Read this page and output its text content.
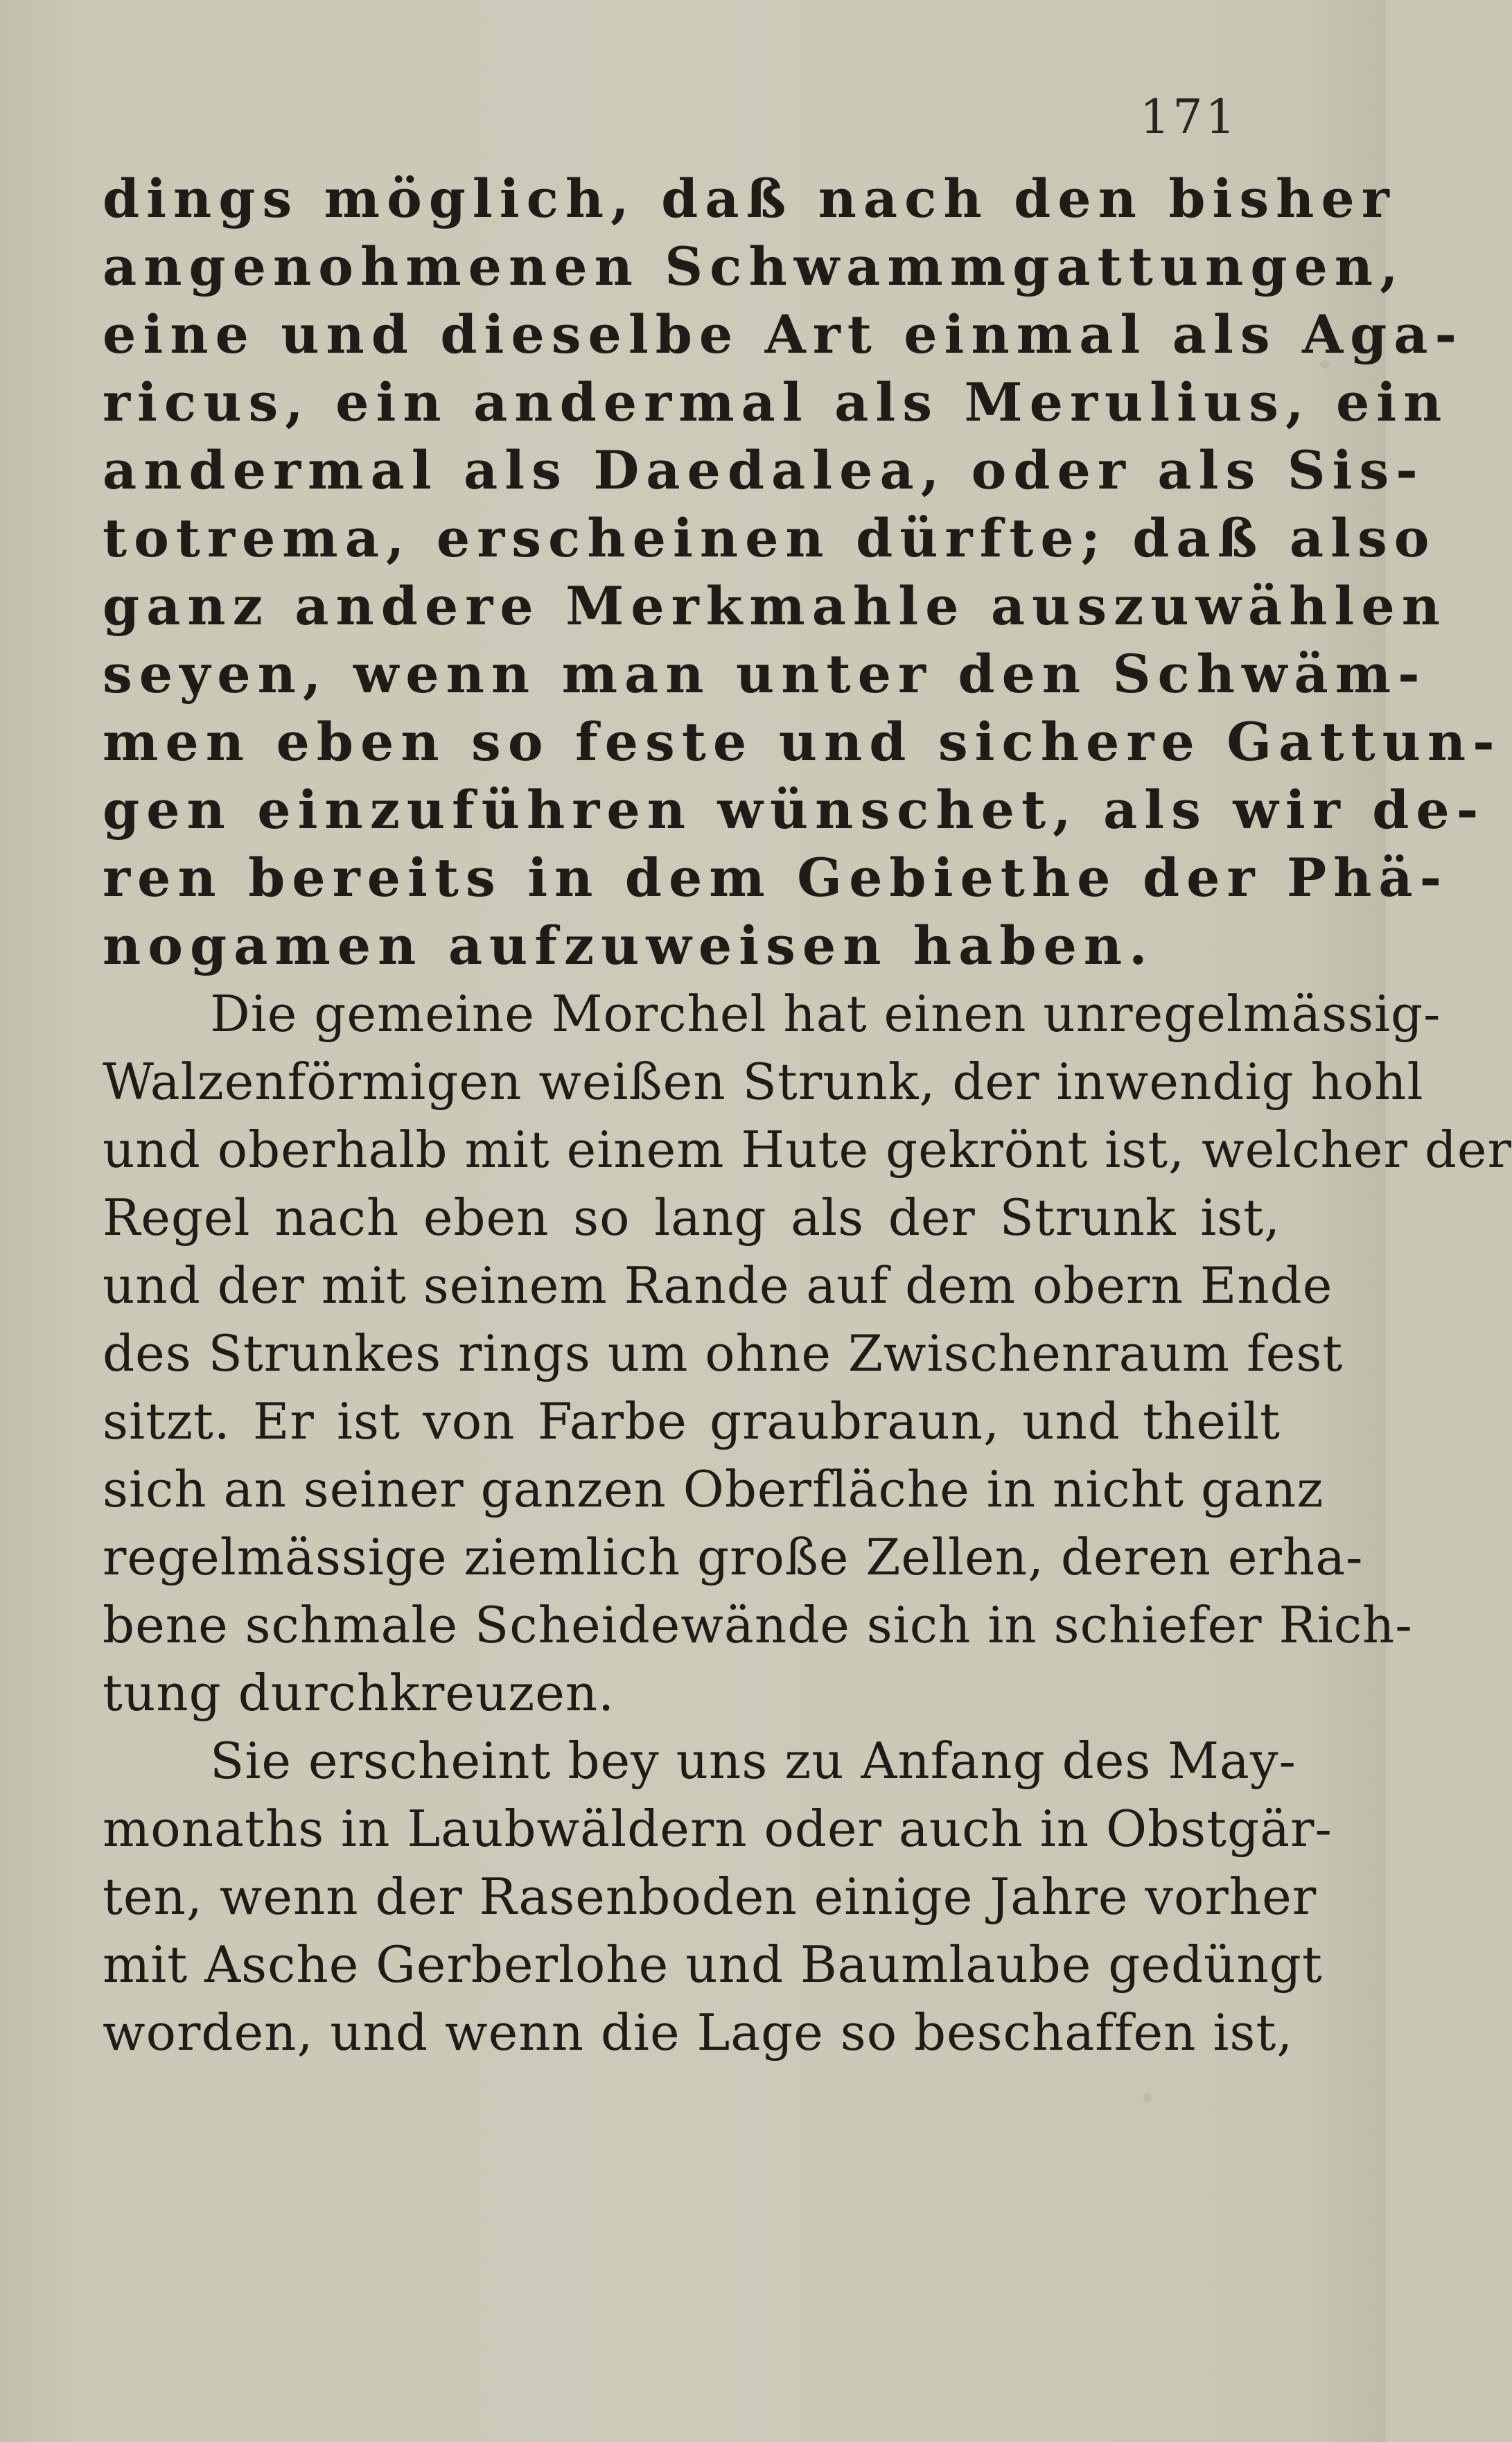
171
dings möglich, daß nach den bisher
angenohmenen Schwammgattungen,
eine und dieselbe Art einmal als Aga-
ricus, ein andermal als Merulius, ein
andermal als Daedalea, oder als Sis-
totrema, erscheinen dürfte; daß also
ganz andere Merkmahle auszuwählen
seyen, wenn man unter den Schwäm-
men eben so feste und sichere Gattun-
gen einzuführen wünschet, als wir de-
ren bereits in dem Gebiethe der Phä-
nogamen aufzuweisen haben.
Die gemeine Morchel hat einen unregelmässig-
Walzenförmigen weißen Strunk, der inwendig hohl
und oberhalb mit einem Hute gekrönt ist, welcher der
Regel nach eben so lang als der Strunk ist,
und der mit seinem Rande auf dem obern Ende
des Strunkes rings um ohne Zwischenraum fest
sitzt. Er ist von Farbe graubraun, und theilt
sich an seiner ganzen Oberfläche in nicht ganz
regelmässige ziemlich große Zellen, deren erha-
bene schmale Scheidewände sich in schiefer Rich-
tung durchkreuzen.
Sie erscheint bey uns zu Anfang des May-
monaths in Laubwäldern oder auch in Obstgär-
ten, wenn der Rasenboden einige Jahre vorher
mit Asche Gerberlohe und Baumlaube gedüngt
worden, und wenn die Lage so beschaffen ist,
